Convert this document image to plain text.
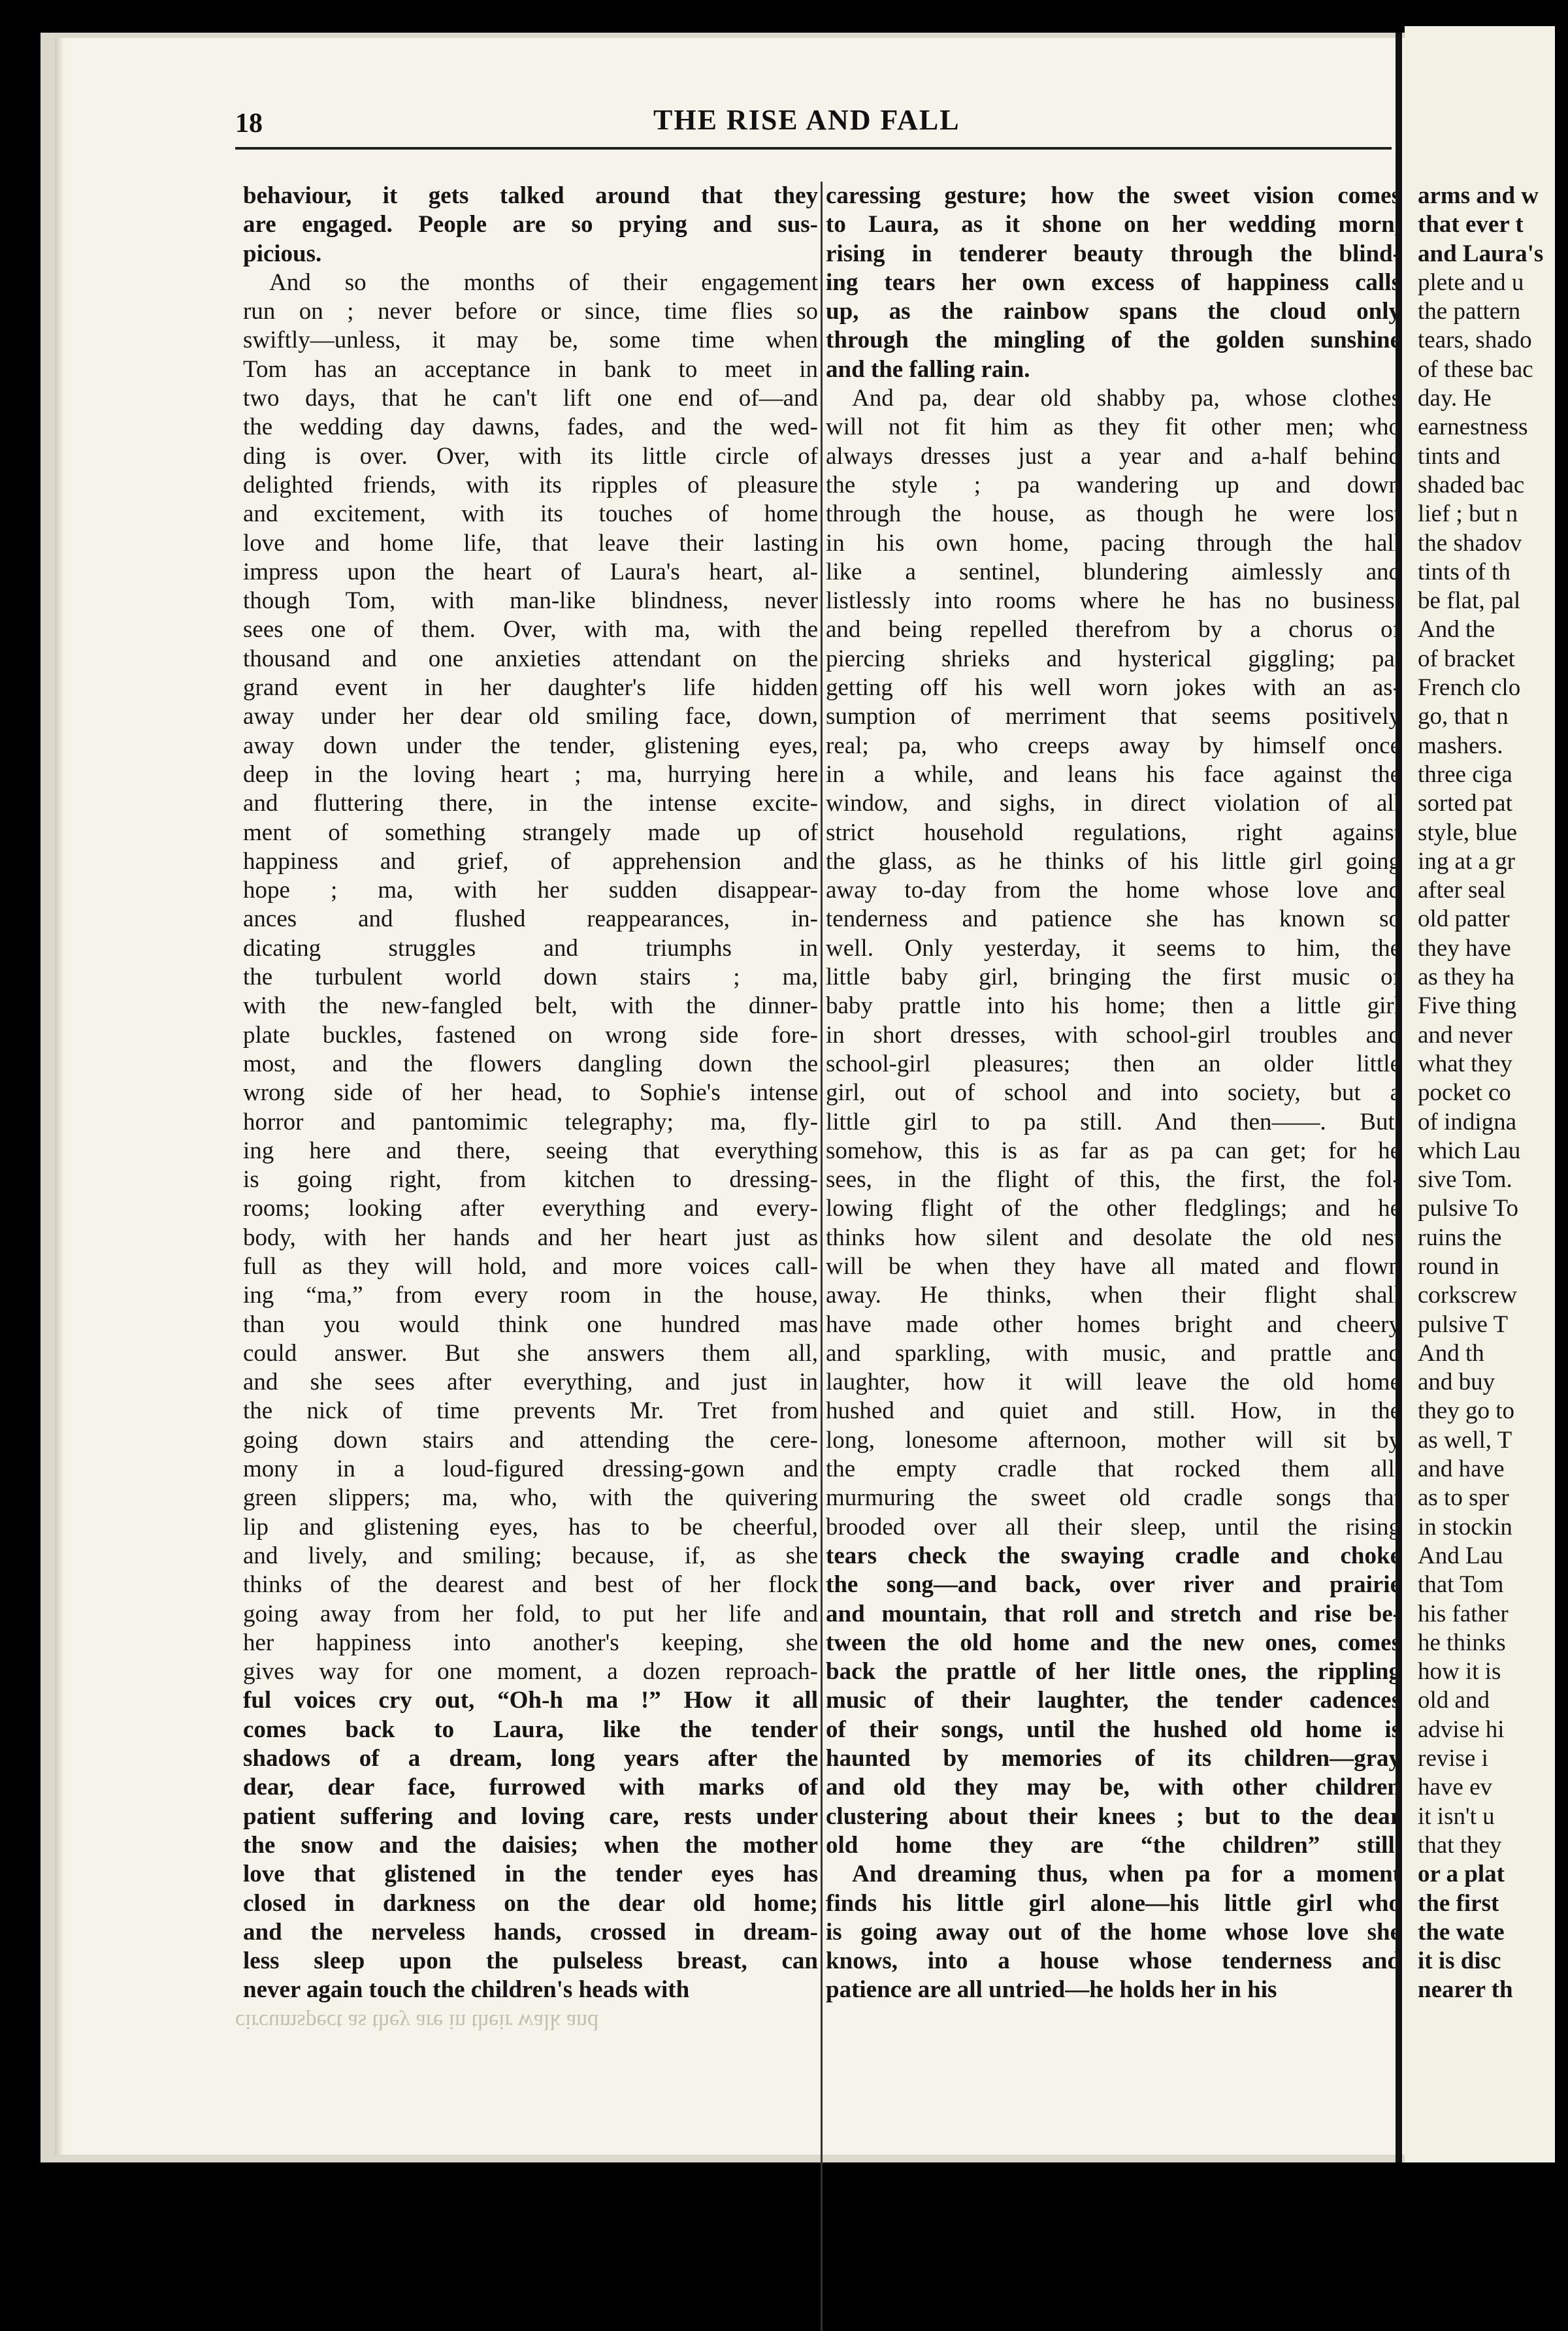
18	THE RISE AND FALL
behaviour, it gets talked around that they
are engaged. People are so prying and sus-
picious.
And so the months of their engagement
run on ; never before or since, time flies so
swiftly—unless, it may be, some time when
Tom has an acceptance in bank to meet in
two days, that he can't lift one end of—and
the wedding day dawns, fades, and the wed-
ding is over. Over, with its little circle of
delighted friends, with its ripples of pleasure
and excitement, with its touches of home
love and home life, that leave their lasting
impress upon the heart of Laura's heart, al-
though Tom, with man-like blindness, never
sees one of them. Over, with ma, with the
thousand and one anxieties attendant on the
grand event in her daughter's life hidden
away under her dear old smiling face, down,
away down under the tender, glistening eyes,
deep in the loving heart ; ma, hurrying here
and fluttering there, in the intense excite-
ment of something strangely made up of
happiness and grief, of apprehension and
hope ; ma, with her sudden disappear-
ances and flushed reappearances, in-
dicating struggles and triumphs in
the turbulent world down stairs ; ma,
with the new-fangled belt, with the dinner-
plate buckles, fastened on wrong side fore-
most, and the flowers dangling down the
wrong side of her head, to Sophie's intense
horror and pantomimic telegraphy; ma, fly-
ing here and there, seeing that everything
is going right, from kitchen to dressing-
rooms; looking after everything and every-
body, with her hands and her heart just as
full as they will hold, and more voices call-
ing “ma,” from every room in the house,
than you would think one hundred mas
could answer. But she answers them all,
and she sees after everything, and just in
the nick of time prevents Mr. Tret from
going down stairs and attending the cere-
mony in a loud-figured dressing-gown and
green slippers; ma, who, with the quivering
lip and glistening eyes, has to be cheerful,
and lively, and smiling; because, if, as she
thinks of the dearest and best of her flock
going away from her fold, to put her life and
her happiness into another's keeping, she
gives way for one moment, a dozen reproach-
ful voices cry out, “Oh-h ma !” How it all
comes back to Laura, like the tender
shadows of a dream, long years after the
dear, dear face, furrowed with marks of
patient suffering and loving care, rests under
the snow and the daisies; when the mother
love that glistened in the tender eyes has
closed in darkness on the dear old home;
and the nerveless hands, crossed in dream-
less sleep upon the pulseless breast, can
never again touch the children's heads with
caressing gesture; how the sweet vision comes
to Laura, as it shone on her wedding morn,
rising in tenderer beauty through the blind-
ing tears her own excess of happiness calls
up, as the rainbow spans the cloud only
through the mingling of the golden sunshine
and the falling rain.
And pa, dear old shabby pa, whose clothes
will not fit him as they fit other men; who
always dresses just a year and a-half behind
the style ; pa wandering up and down
through the house, as though he were lost
in his own home, pacing through the hall
like a sentinel, blundering aimlessly and
listlessly into rooms where he has no business,
and being repelled therefrom by a chorus of
piercing shrieks and hysterical giggling; pa,
getting off his well worn jokes with an as-
sumption of merriment that seems positively
real; pa, who creeps away by himself once
in a while, and leans his face against the
window, and sighs, in direct violation of all
strict household regulations, right against
the glass, as he thinks of his little girl going
away to-day from the home whose love and
tenderness and patience she has known so
well. Only yesterday, it seems to him, the
little baby girl, bringing the first music of
baby prattle into his home; then a little girl
in short dresses, with school-girl troubles and
school-girl pleasures; then an older little
girl, out of school and into society, but a
little girl to pa still. And then——. But,
somehow, this is as far as pa can get; for he
sees, in the flight of this, the first, the fol-
lowing flight of the other fledglings; and he
thinks how silent and desolate the old nest
will be when they have all mated and flown
away. He thinks, when their flight shall
have made other homes bright and cheery
and sparkling, with music, and prattle and
laughter, how it will leave the old home
hushed and quiet and still. How, in the
long, lonesome afternoon, mother will sit by
the empty cradle that rocked them all,
murmuring the sweet old cradle songs that
brooded over all their sleep, until the rising
tears check the swaying cradle and choke
the song—and back, over river and prairie
and mountain, that roll and stretch and rise be-
tween the old home and the new ones, comes
back the prattle of her little ones, the rippling
music of their laughter, the tender cadences
of their songs, until the hushed old home is
haunted by memories of its children—gray
and old they may be, with other children
clustering about their knees ; but to the dear
old home they are “the children” still.
And dreaming thus, when pa for a moment
finds his little girl alone—his little girl who
is going away out of the home whose love she
knows, into a house whose tenderness and
patience are all untried—he holds her in his
arms and w
that ever t
and Laura's
plete and u
the pattern
tears, shado
of these bac
day. He
earnestness
tints and
shaded bac
lief ; but n
the shadov
tints of th
be flat, pal
And the
of bracket
French clo
go, that n
mashers.
three ciga
sorted pat
style, blue
ing at a gr
after seal
old patter
they have
as they ha
Five thing
and never
what they
pocket co
of indigna
which Lau
sive Tom.
pulsive To
ruins the
round in
corkscrew
pulsive T
And th
and buy
they go to
as well, T
and have
as to sper
in stockin
And Lau
that Tom
his father
he thinks
how it is
old and
advise hi
revise i
have ev
it isn't u
that they
or a plat
the first
the wate
it is disc
nearer th
circumspect as they are in their walk and
